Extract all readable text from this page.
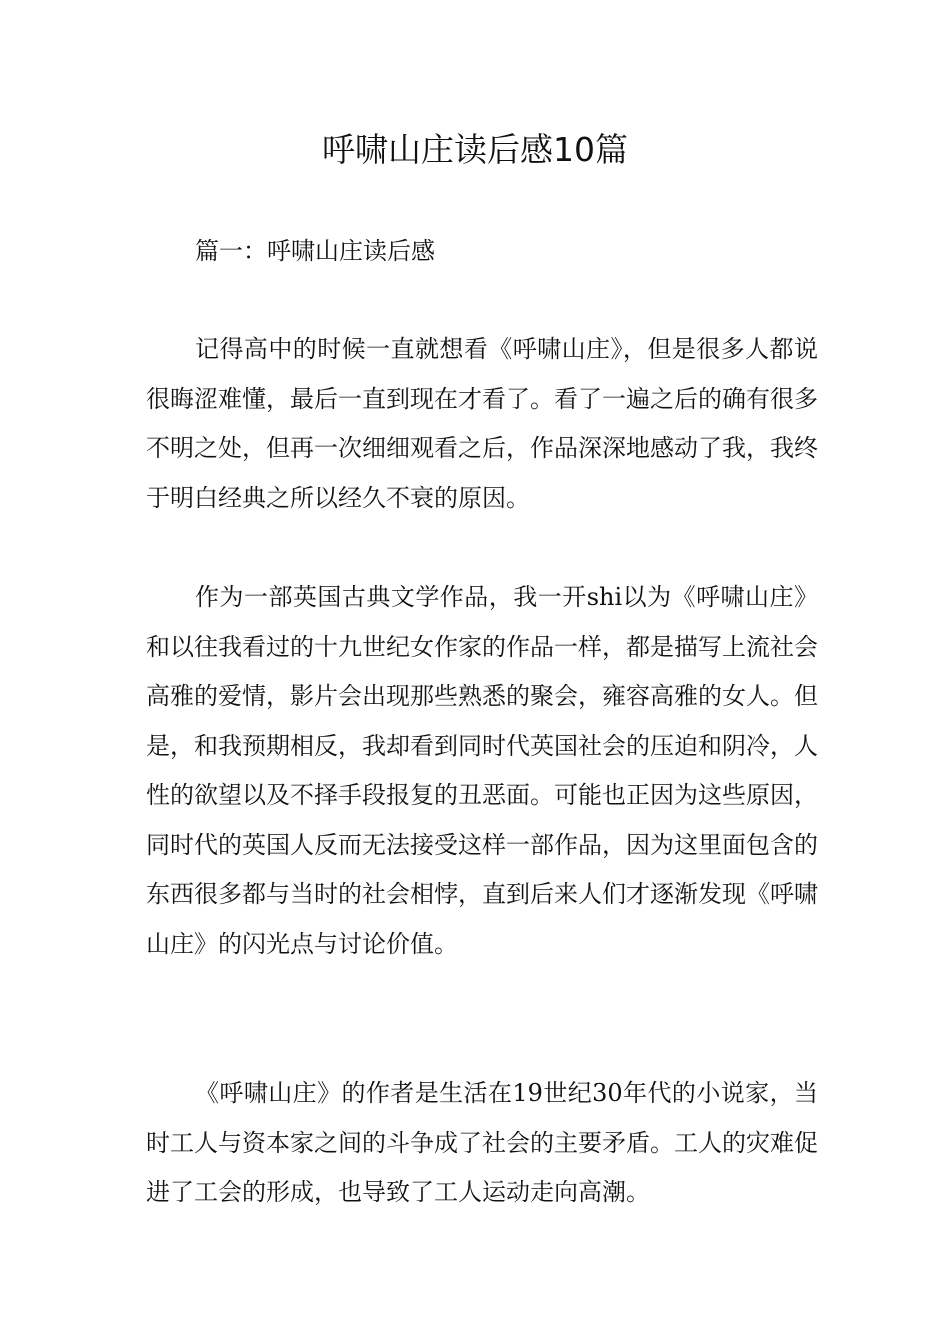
呼啸山庄读后感10篇

篇一：呼啸山庄读后感

记得高中的时候一直就想看《呼啸山庄》，但是很多人都说很晦涩难懂，最后一直到现在才看了。看了一遍之后的确有很多不明之处，但再一次细细观看之后，作品深深地感动了我，我终于明白经典之所以经久不衰的原因。

作为一部英国古典文学作品，我一开shi以为《呼啸山庄》和以往我看过的十九世纪女作家的作品一样，都是描写上流社会高雅的爱情，影片会出现那些熟悉的聚会，雍容高雅的女人。但是，和我预期相反，我却看到同时代英国社会的压迫和阴冷，人性的欲望以及不择手段报复的丑恶面。可能也正因为这些原因，同时代的英国人反而无法接受这样一部作品，因为这里面包含的东西很多都与当时的社会相悖，直到后来人们才逐渐发现《呼啸山庄》的闪光点与讨论价值。

《呼啸山庄》的作者是生活在19世纪30年代的小说家，当时工人与资本家之间的斗争成了社会的主要矛盾。工人的灾难促进了工会的形成，也导致了工人运动走向高潮。
